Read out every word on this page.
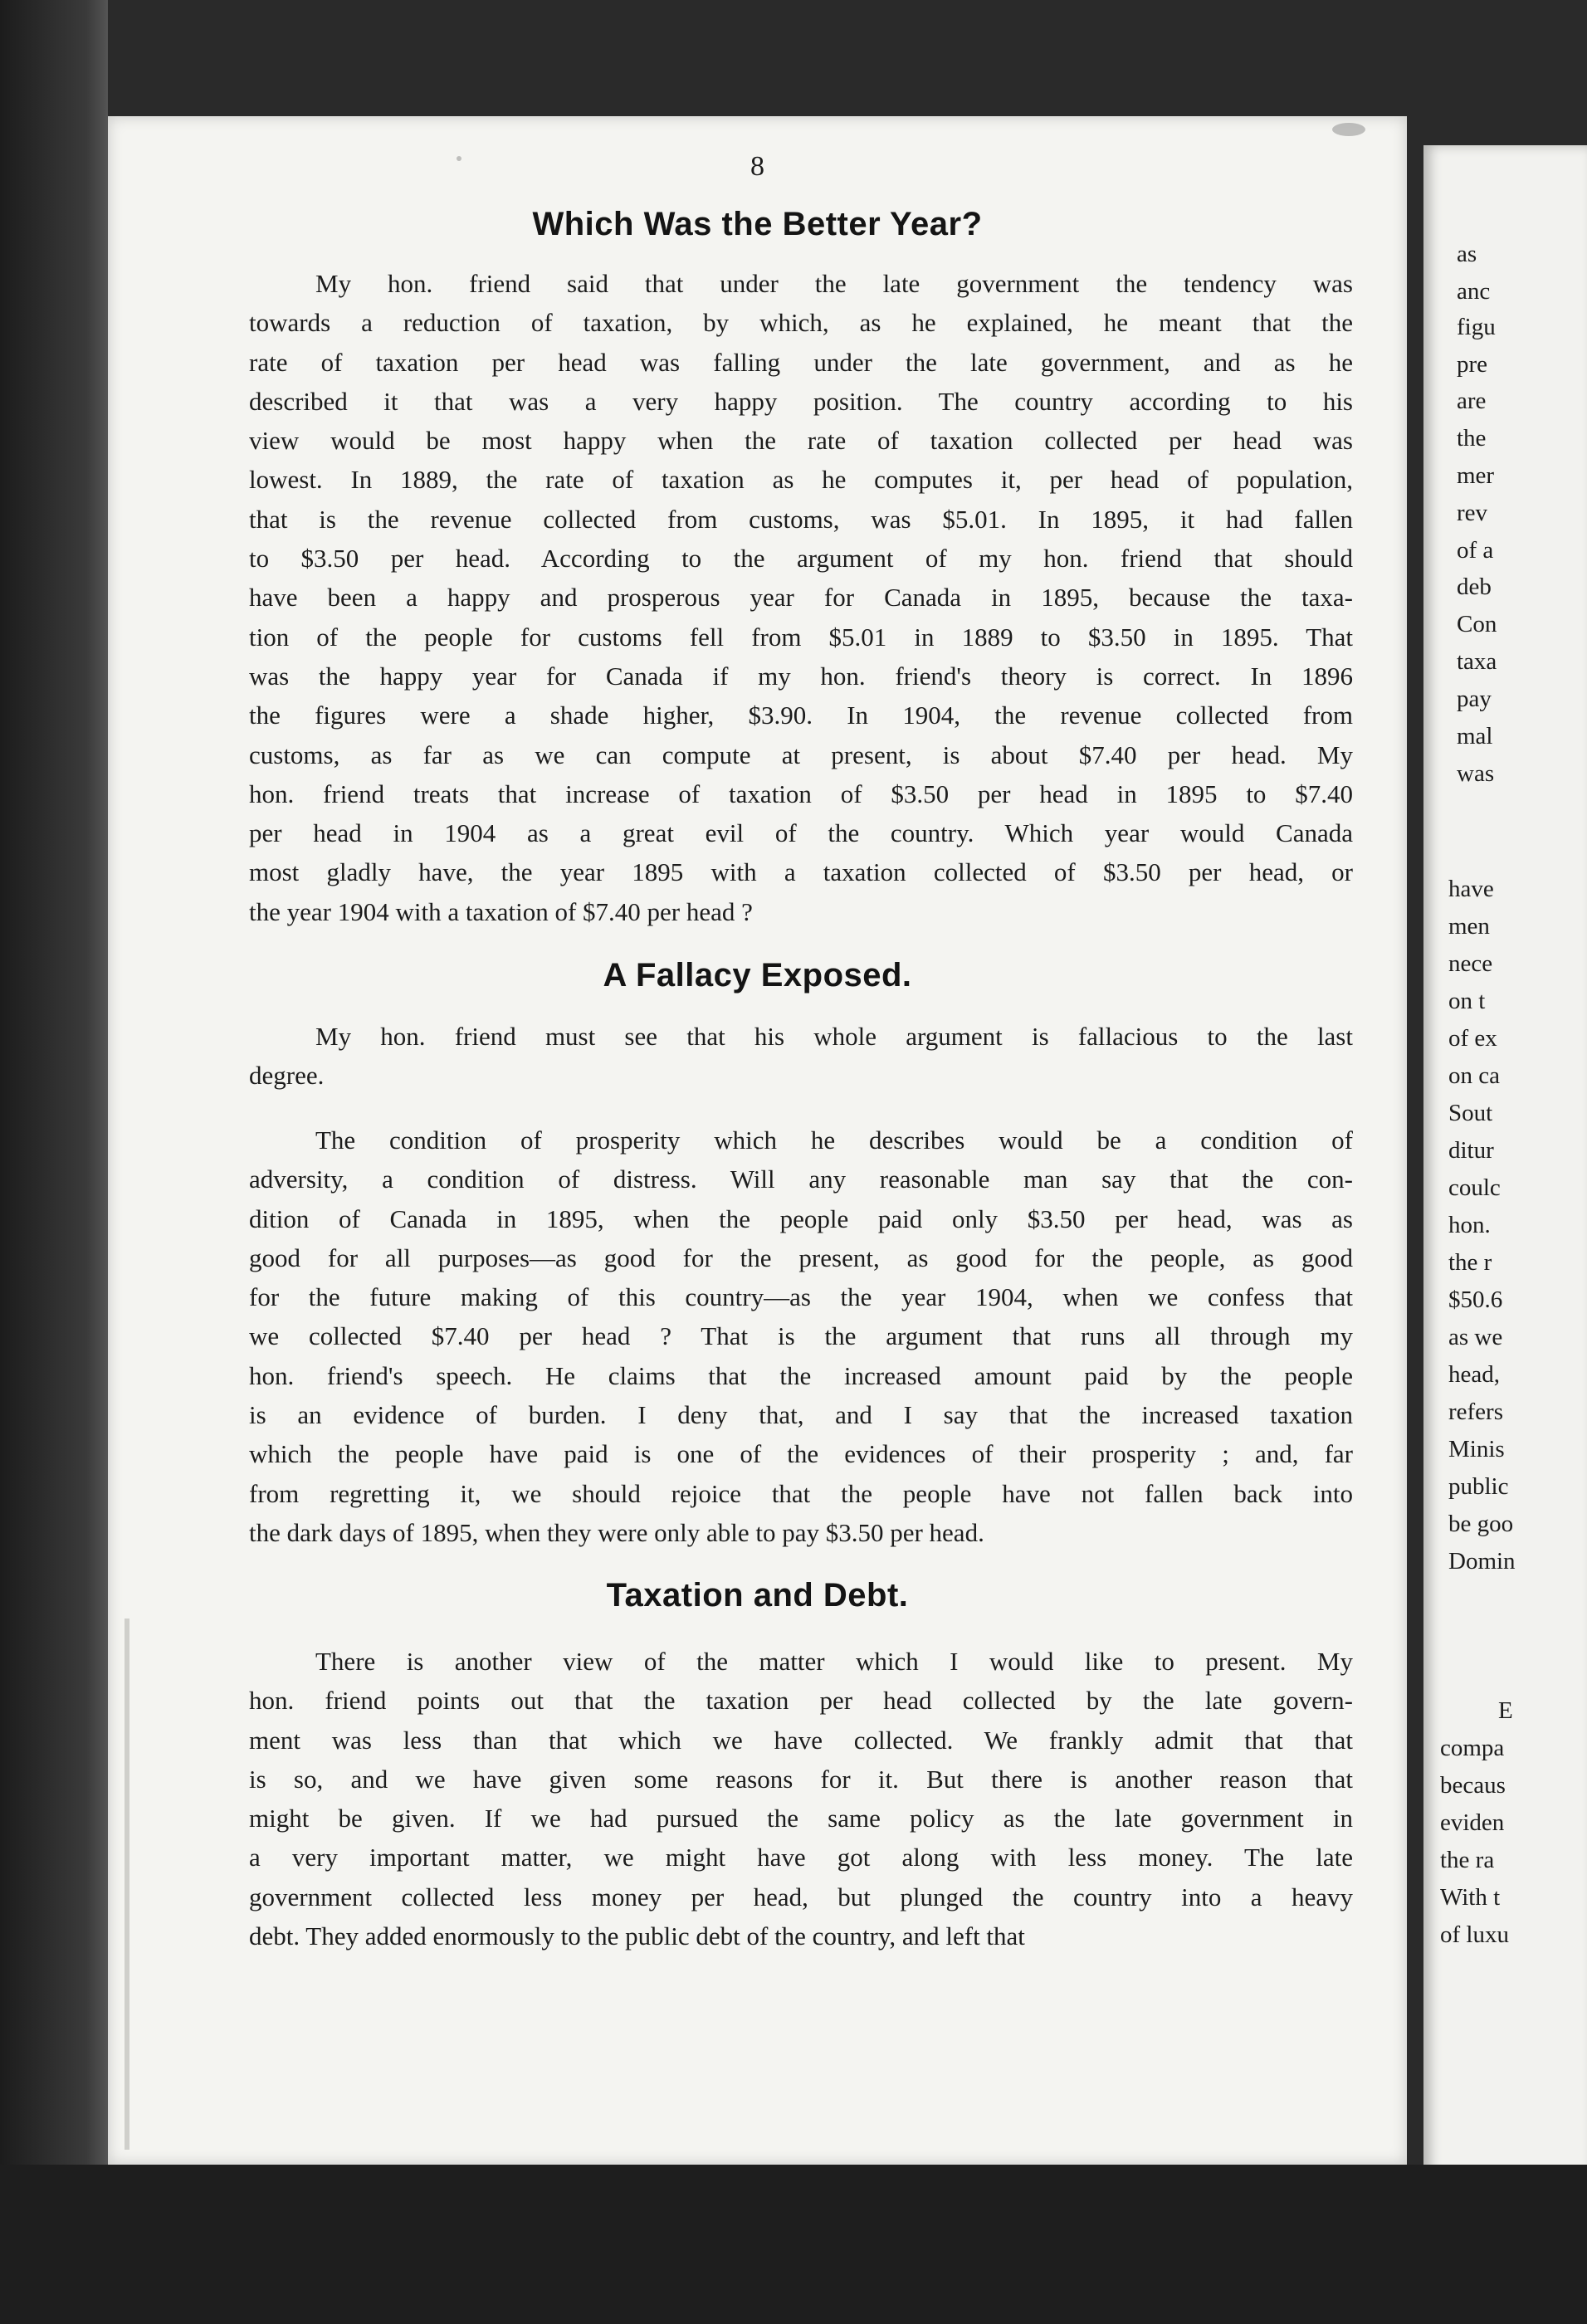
as
anc
figu
pre
are
the
mer
rev
of a
deb
Con
taxa
pay
mal
was
have
men
nece
on t
of ex
on ca
Sout
ditur
coulc
hon.
the r
$50.6
as we
head,
refers
Minis
public
be goo
Domin
E
compa
becaus
eviden
the ra
With t
of luxu
8
Which Was the Better Year?
My hon. friend said that under the late government the tendency was
towards a reduction of taxation, by which, as he explained, he meant that the
rate of taxation per head was falling under the late government, and as he
described it that was a very happy position. The country according to his
view would be most happy when the rate of taxation collected per head was
lowest. In 1889, the rate of taxation as he computes it, per head of population,
that is the revenue collected from customs, was $5.01. In 1895, it had fallen
to $3.50 per head. According to the argument of my hon. friend that should
have been a happy and prosperous year for Canada in 1895, because the taxa-
tion of the people for customs fell from $5.01 in 1889 to $3.50 in 1895. That
was the happy year for Canada if my hon. friend's theory is correct. In 1896
the figures were a shade higher, $3.90. In 1904, the revenue collected from
customs, as far as we can compute at present, is about $7.40 per head. My
hon. friend treats that increase of taxation of $3.50 per head in 1895 to $7.40
per head in 1904 as a great evil of the country. Which year would Canada
most gladly have, the year 1895 with a taxation collected of $3.50 per head, or
the year 1904 with a taxation of $7.40 per head ?
A Fallacy Exposed.
My hon. friend must see that his whole argument is fallacious to the last
degree.
The condition of prosperity which he describes would be a condition of
adversity, a condition of distress. Will any reasonable man say that the con-
dition of Canada in 1895, when the people paid only $3.50 per head, was as
good for all purposes—as good for the present, as good for the people, as good
for the future making of this country—as the year 1904, when we confess that
we collected $7.40 per head ? That is the argument that runs all through my
hon. friend's speech. He claims that the increased amount paid by the people
is an evidence of burden. I deny that, and I say that the increased taxation
which the people have paid is one of the evidences of their prosperity ; and, far
from regretting it, we should rejoice that the people have not fallen back into
the dark days of 1895, when they were only able to pay $3.50 per head.
Taxation and Debt.
There is another view of the matter which I would like to present. My
hon. friend points out that the taxation per head collected by the late govern-
ment was less than that which we have collected. We frankly admit that that
is so, and we have given some reasons for it. But there is another reason that
might be given. If we had pursued the same policy as the late government in
a very important matter, we might have got along with less money. The late
government collected less money per head, but plunged the country into a heavy
debt. They added enormously to the public debt of the country, and left that
